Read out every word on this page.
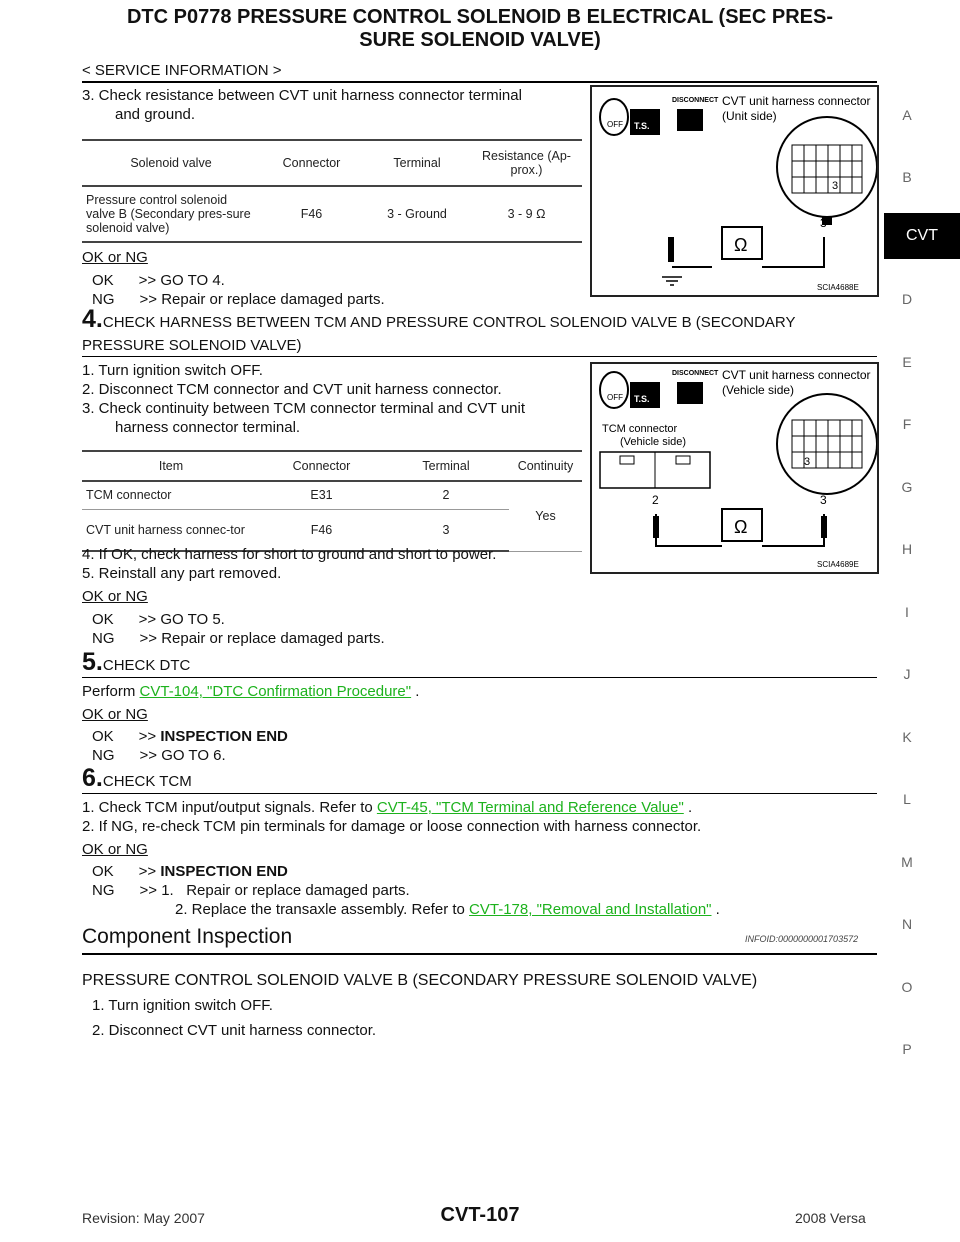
DTC P0778 PRESSURE CONTROL SOLENOID B ELECTRICAL (SEC PRES-
SURE SOLENOID VALVE)
< SERVICE INFORMATION >
A
B
CVT
D
E
F
G
H
I
J
K
L
M
N
O
P
3. Check resistance between CVT unit harness connector terminal
and ground.
Solenoid valve	Connector	Terminal	Resistance (Ap-prox.)
Pressure control solenoid valve B (Secondary pres-sure solenoid valve)	F46	3 - Ground	3 - 9 Ω
OK or NG
OK      >> GO TO 4.
NG      >> Repair or replace damaged parts.
OFF T.S.
DISCONNECT CVT unit harness connector
(Unit side)
3
3
Ω
SCIA4688E
4.CHECK HARNESS BETWEEN TCM AND PRESSURE CONTROL SOLENOID VALVE B (SECONDARY
PRESSURE SOLENOID VALVE)
1. Turn ignition switch OFF.
2. Disconnect TCM connector and CVT unit harness connector.
3. Check continuity between TCM connector terminal and CVT unit
harness connector terminal.
Item	Connector	Terminal	Continuity
TCM connector	E31	2	Yes
CVT unit harness connec-tor	F46	3	
4. If OK, check harness for short to ground and short to power.
5. Reinstall any part removed.
OK or NG
OK      >> GO TO 5.
NG      >> Repair or replace damaged parts.
OFF T.S.
DISCONNECT CVT unit harness connector
(Vehicle side)
TCM connector
(Vehicle side)
3
2	3
Ω
SCIA4689E
5.CHECK DTC
Perform CVT-104, "DTC Confirmation Procedure" .
OK or NG
OK      >> INSPECTION END
NG      >> GO TO 6.
6.CHECK TCM
1. Check TCM input/output signals. Refer to CVT-45, "TCM Terminal and Reference Value" .
2. If NG, re-check TCM pin terminals for damage or loose connection with harness connector.
OK or NG
OK      >> INSPECTION END
NG      >> 1.   Repair or replace damaged parts.
2. Replace the transaxle assembly. Refer to CVT-178, "Removal and Installation" .
Component Inspection	INFOID:0000000001703572
PRESSURE CONTROL SOLENOID VALVE B (SECONDARY PRESSURE SOLENOID VALVE)
1. Turn ignition switch OFF.
2. Disconnect CVT unit harness connector.
Revision: May 2007	CVT-107	2008 Versa
